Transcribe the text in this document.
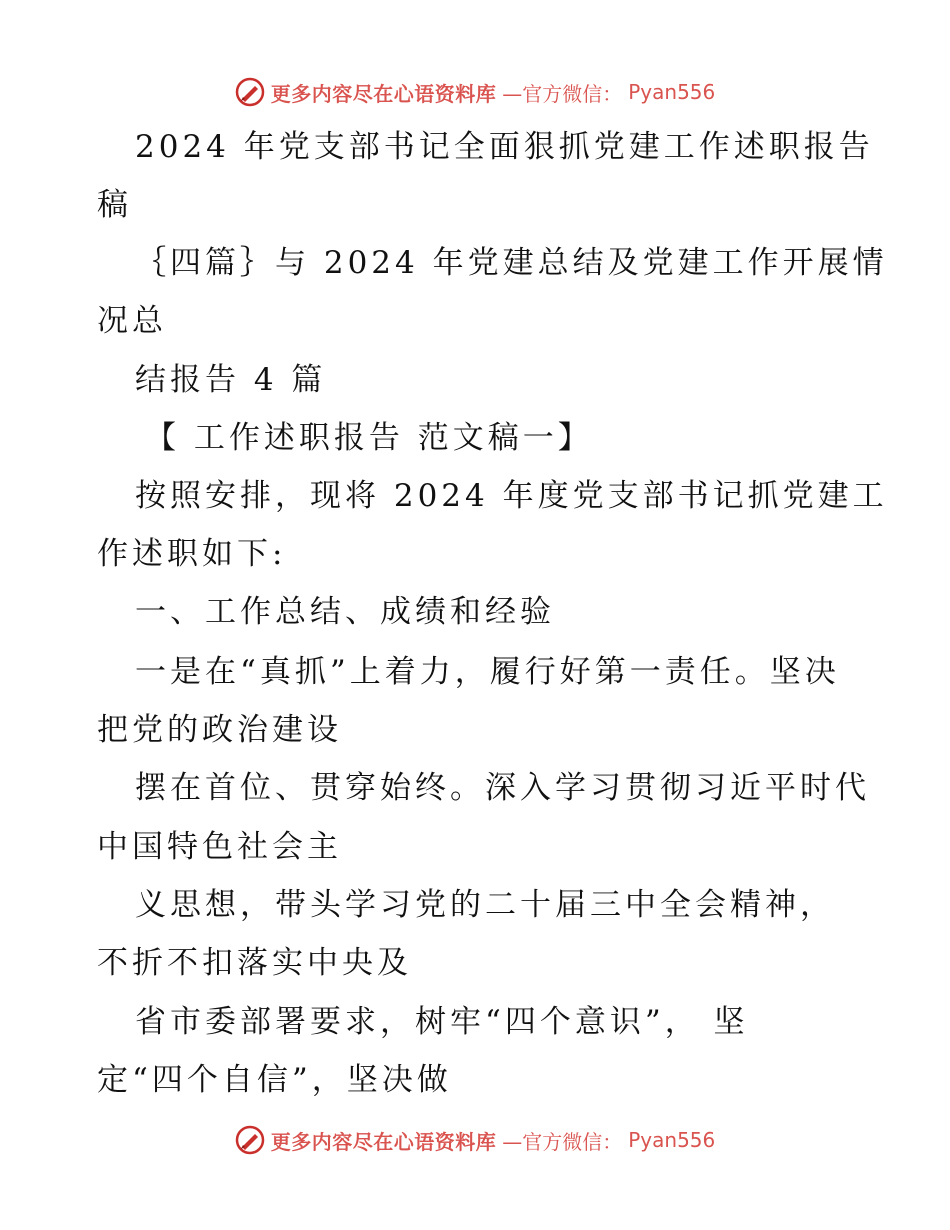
更多内容尽在心语资料库 —官方微信： Pyan556
2024 年党支部书记全面狠抓党建工作述职报告
稿
｛四篇｝与 2024 年党建总结及党建工作开展情
况总
结报告 4 篇
【 工作述职报告 范文稿一】
按照安排，现将 2024 年度党支部书记抓党建工
作述职如下:
一、工作总结、成绩和经验
一是在“真抓”上着力，履行好第一责任。坚决
把党的政治建设
摆在首位、贯穿始终。深入学习贯彻习近平时代
中国特色社会主
义思想，带头学习党的二十届三中全会精神，
不折不扣落实中央及
省市委部署要求，树牢“四个意识”， 坚
定“四个自信”，坚决做
更多内容尽在心语资料库 —官方微信： Pyan556
